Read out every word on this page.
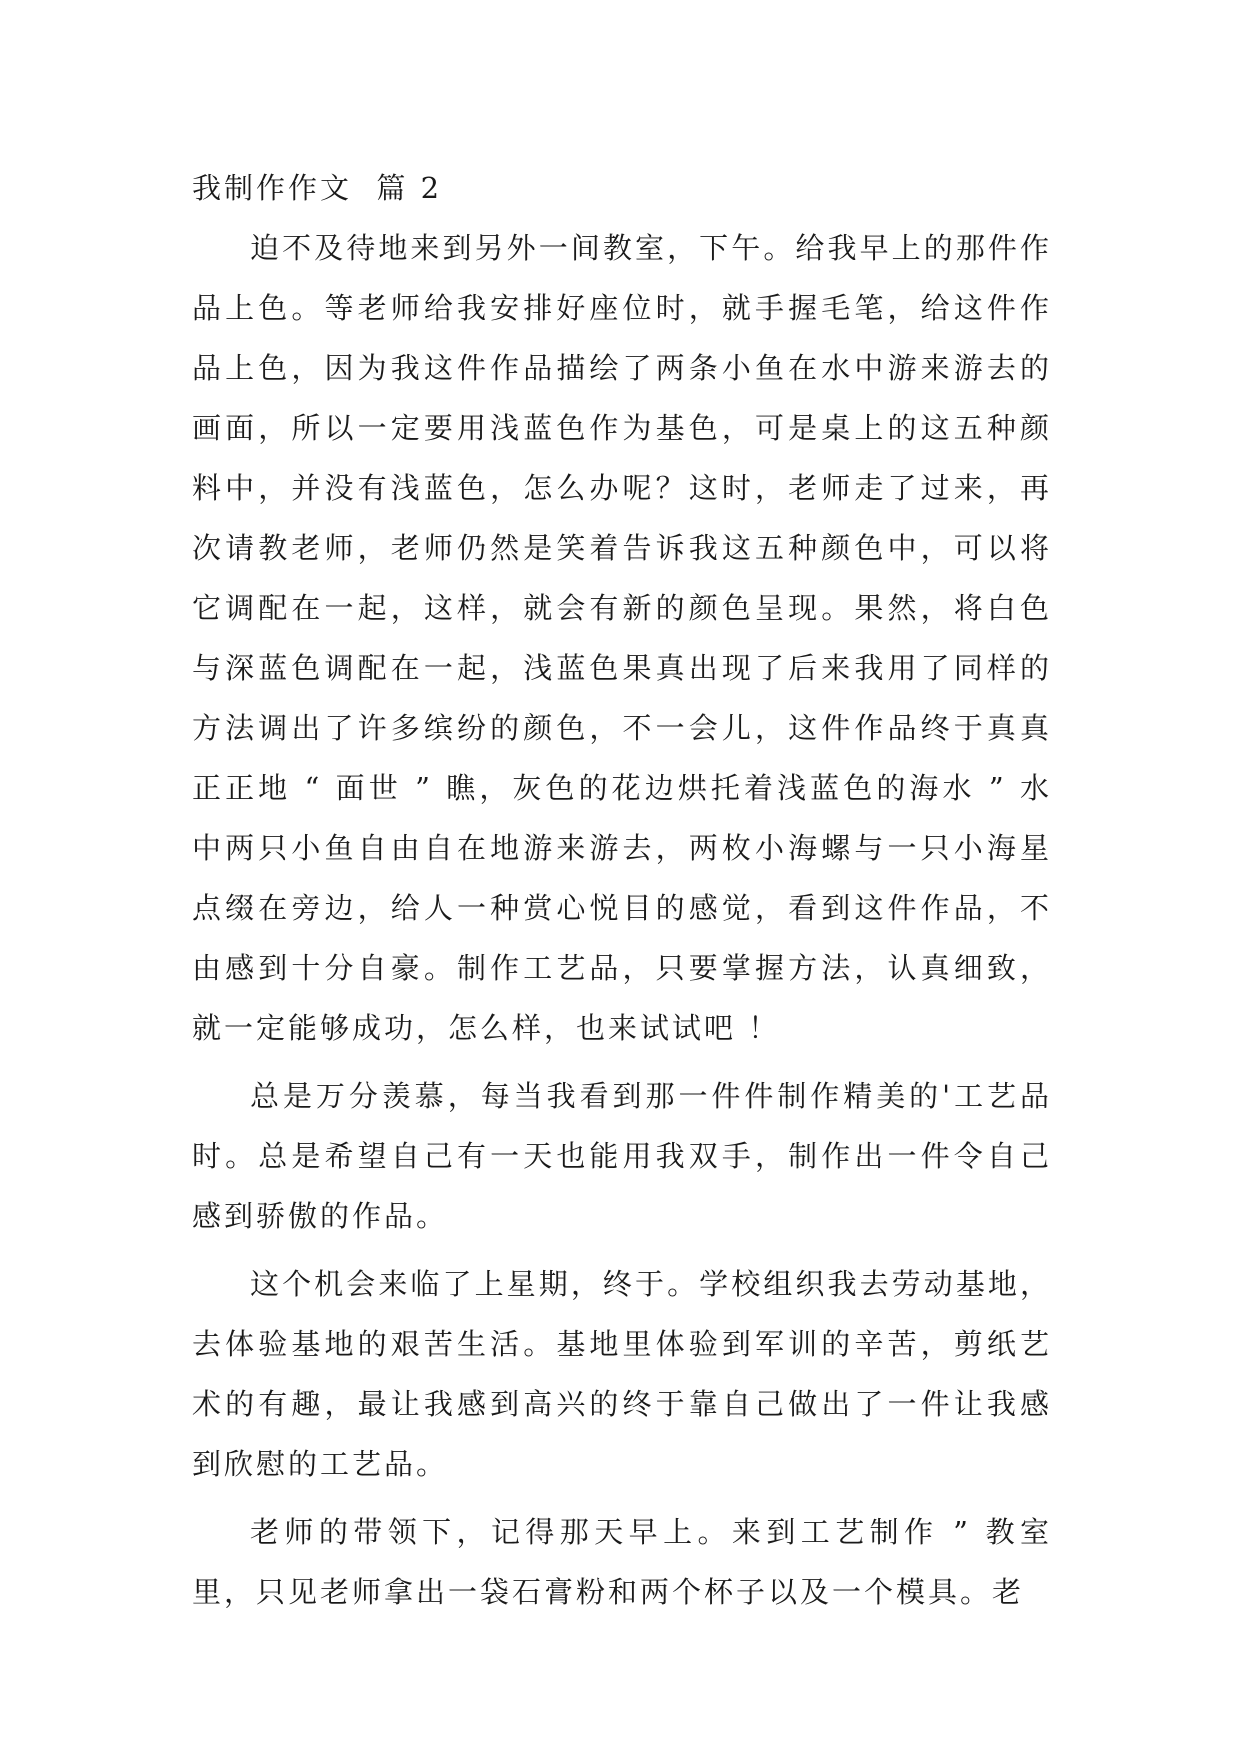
我制作作文  篇 2

迫不及待地来到另外一间教室，下午。给我早上的那件作品上色。等老师给我安排好座位时，就手握毛笔，给这件作品上色，因为我这件作品描绘了两条小鱼在水中游来游去的画面，所以一定要用浅蓝色作为基色，可是桌上的这五种颜料中，并没有浅蓝色，怎么办呢？这时，老师走了过来，再次请教老师，老师仍然是笑着告诉我这五种颜色中，可以将它调配在一起，这样，就会有新的颜色呈现。果然，将白色与深蓝色调配在一起，浅蓝色果真出现了后来我用了同样的方法调出了许多缤纷的颜色，不一会儿，这件作品终于真真正正地 “ 面世 ” 瞧，灰色的花边烘托着浅蓝色的海水 ” 水中两只小鱼自由自在地游来游去，两枚小海螺与一只小海星点缀在旁边，给人一种赏心悦目的感觉，看到这件作品，不由感到十分自豪。制作工艺品，只要掌握方法，认真细致，就一定能够成功，怎么样，也来试试吧 ！

总是万分羡慕，每当我看到那一件件制作精美的'工艺品时。总是希望自己有一天也能用我双手，制作出一件令自己感到骄傲的作品。

这个机会来临了上星期，终于。学校组织我去劳动基地，去体验基地的艰苦生活。基地里体验到军训的辛苦，剪纸艺术的有趣，最让我感到高兴的终于靠自己做出了一件让我感到欣慰的工艺品。

老师的带领下，记得那天早上。来到工艺制作 ” 教室里，只见老师拿出一袋石膏粉和两个杯子以及一个模具。老
